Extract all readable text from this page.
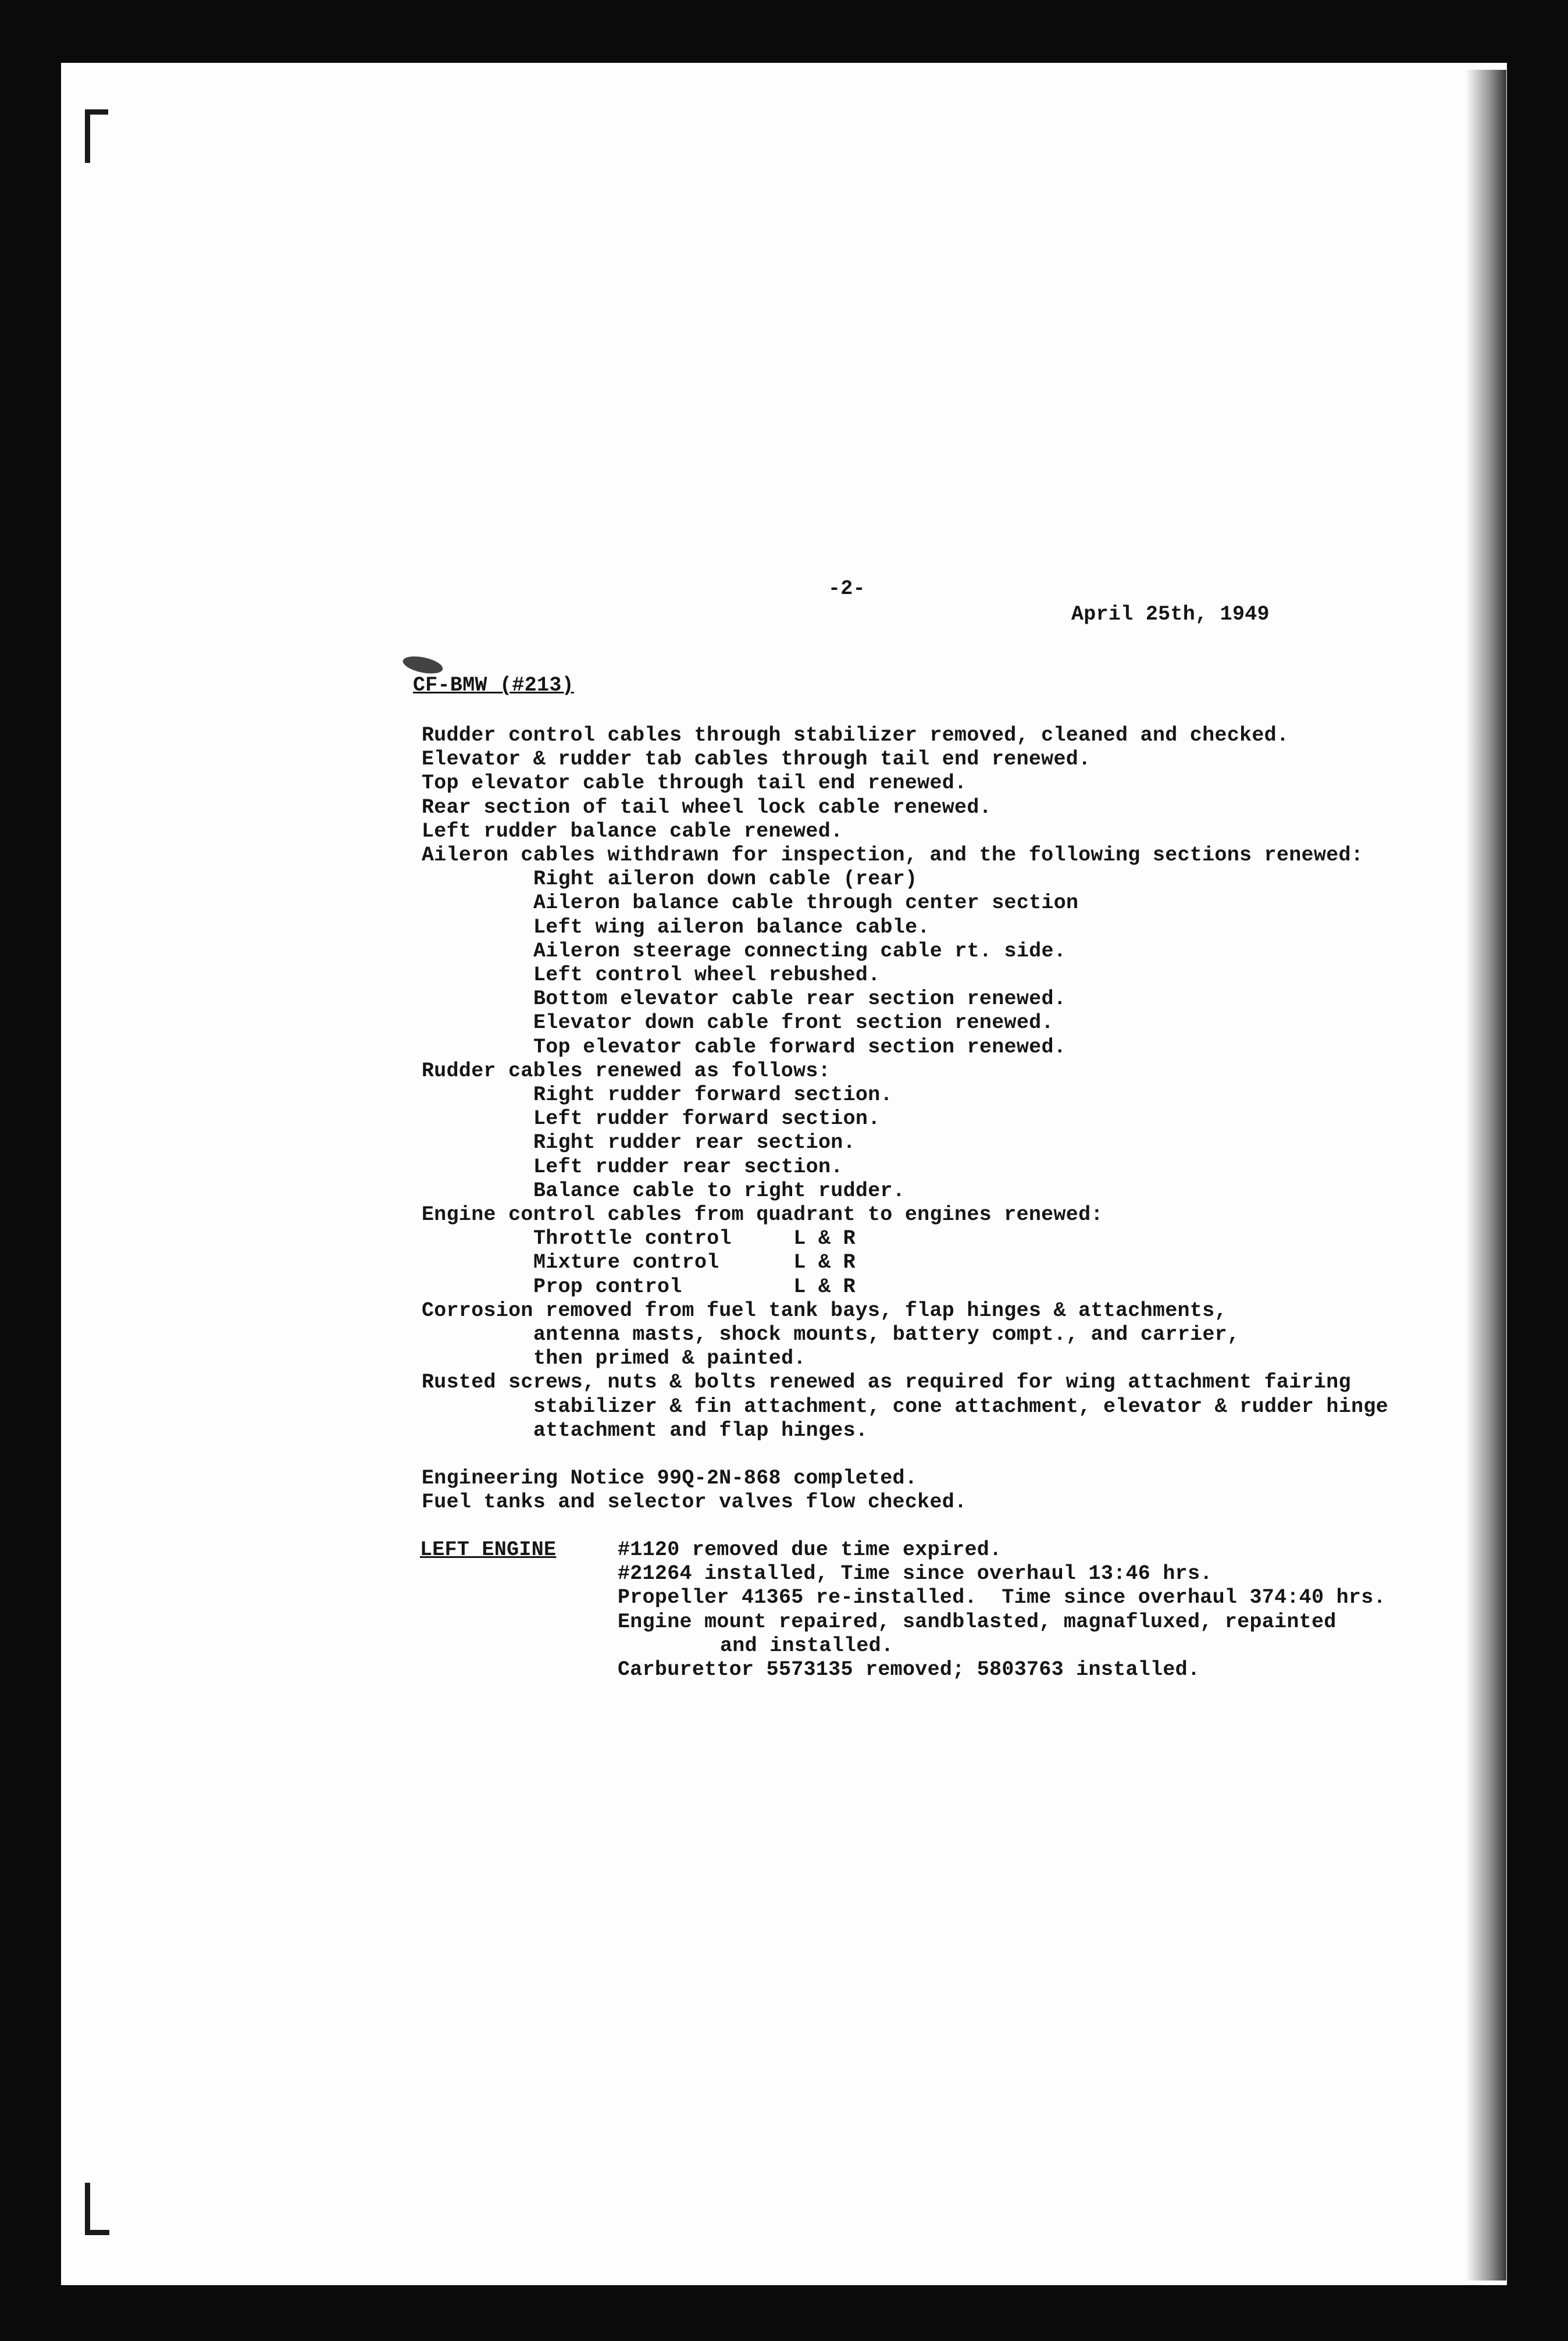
-2-

April 25th, 1949

CF-BMW (#213)

Rudder control cables through stabilizer removed, cleaned and checked.

Elevator & rudder tab cables through tail end renewed.

Top elevator cable through tail end renewed.

Rear section of tail wheel lock cable renewed.

Left rudder balance cable renewed.

Aileron cables withdrawn for inspection, and the following sections renewed:

Right aileron down cable (rear)

Aileron balance cable through center section

Left wing aileron balance cable.

Aileron steerage connecting cable rt. side.

Left control wheel rebushed.

Bottom elevator cable rear section renewed.

Elevator down cable front section renewed.

Top elevator cable forward section renewed.

Rudder cables renewed as follows:

Right rudder forward section.

Left rudder forward section.

Right rudder rear section.

Left rudder rear section.

Balance cable to right rudder.

Engine control cables from quadrant to engines renewed:

Throttle control     L & R

Mixture control      L & R

Prop control         L & R

Corrosion removed from fuel tank bays, flap hinges & attachments,

antenna masts, shock mounts, battery compt., and carrier,

then primed & painted.

Rusted screws, nuts & bolts renewed as required for wing attachment fairing

stabilizer & fin attachment, cone attachment, elevator & rudder hinge

attachment and flap hinges.

Engineering Notice 99Q-2N-868 completed.

Fuel tanks and selector valves flow checked.

LEFT ENGINE	#1120 removed due time expired.

#21264 installed, Time since overhaul 13:46 hrs.

Propeller 41365 re-installed.  Time since overhaul 374:40 hrs.

Engine mount repaired, sandblasted, magnafluxed, repainted

and installed.

Carburettor 5573135 removed; 5803763 installed.
